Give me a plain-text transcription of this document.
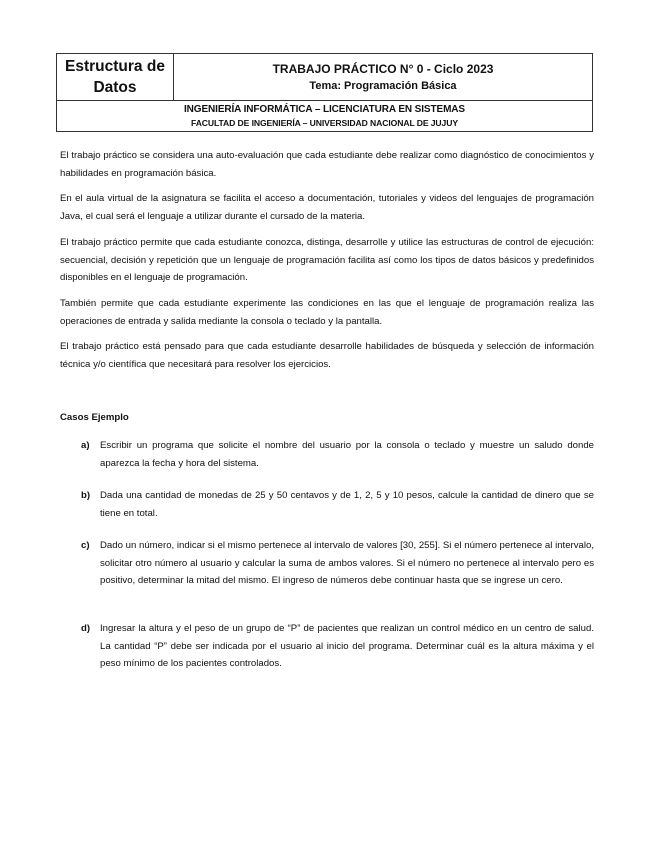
Estructura de Datos	
TRABAJO PRÁCTICO N° 0 - Ciclo 2023
Tema: Programación Básica

INGENIERÍA INFORMÁTICA – LICENCIATURA EN SISTEMAS
FACULTAD DE INGENIERÍA – UNIVERSIDAD NACIONAL DE JUJUY

El trabajo práctico se considera una auto-evaluación que cada estudiante debe realizar como diagnóstico de conocimientos y habilidades en programación básica.

En el aula virtual de la asignatura se facilita el acceso a documentación, tutoriales y videos del lenguajes de programación Java, el cual será el lenguaje a utilizar durante el cursado de la materia.

El trabajo práctico permite que cada estudiante conozca, distinga, desarrolle y utilice las estructuras de control de ejecución: secuencial, decisión y repetición que un lenguaje de programación facilita así como los tipos de datos básicos y predefinidos disponibles en el lenguaje de programación.

También permite que cada estudiante experimente las condiciones en las que el lenguaje de programación realiza las operaciones de entrada y salida mediante la consola o teclado y la pantalla.

El trabajo práctico está pensado para que cada estudiante desarrolle habilidades de búsqueda y selección de información técnica y/o científica que necesitará para resolver los ejercicios.

Casos Ejemplo
a)	Escribir un programa que solicite el nombre del usuario por la consola o teclado y muestre un saludo donde aparezca la fecha y hora del sistema.
b)	Dada una cantidad de monedas de 25 y 50 centavos y de 1, 2, 5 y 10 pesos, calcule la cantidad de dinero que se tiene en total.
c)	Dado un número, indicar si el mismo pertenece al intervalo de valores [30, 255]. Si el número pertenece al intervalo, solicitar otro número al usuario y calcular la suma de ambos valores. Si el número no pertenece al intervalo pero es positivo, determinar la mitad del mismo. El ingreso de números debe continuar hasta que se ingrese un cero.
d)	Ingresar la altura y el peso de un grupo de “P” de pacientes que realizan un control médico en un centro de salud. La cantidad “P” debe ser indicada por el usuario al inicio del programa. Determinar cuál es la altura máxima y el peso mínimo de los pacientes controlados.
